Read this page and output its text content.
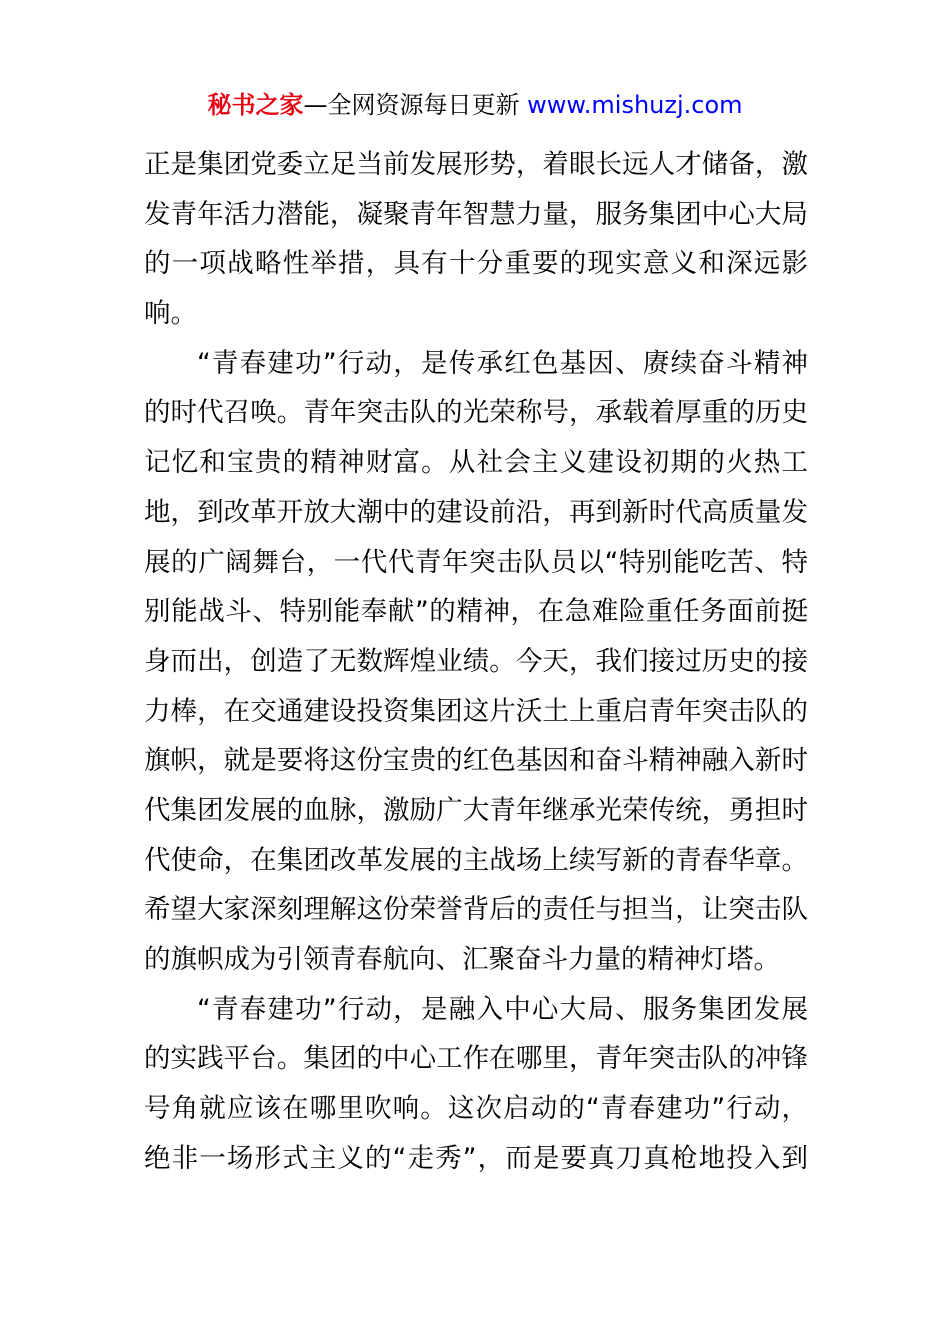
秘书之家—全网资源每日更新 www.mishuzj.com
正是集团党委立足当前发展形势，着眼长远人才储备，激
发青年活力潜能，凝聚青年智慧力量，服务集团中心大局
的一项战略性举措，具有十分重要的现实意义和深远影
响。
“青春建功”行动，是传承红色基因、赓续奋斗精神
的时代召唤。青年突击队的光荣称号，承载着厚重的历史
记忆和宝贵的精神财富。从社会主义建设初期的火热工
地，到改革开放大潮中的建设前沿，再到新时代高质量发
展的广阔舞台，一代代青年突击队员以“特别能吃苦、特
别能战斗、特别能奉献”的精神，在急难险重任务面前挺
身而出，创造了无数辉煌业绩。今天，我们接过历史的接
力棒，在交通建设投资集团这片沃土上重启青年突击队的
旗帜，就是要将这份宝贵的红色基因和奋斗精神融入新时
代集团发展的血脉，激励广大青年继承光荣传统，勇担时
代使命，在集团改革发展的主战场上续写新的青春华章。
希望大家深刻理解这份荣誉背后的责任与担当，让突击队
的旗帜成为引领青春航向、汇聚奋斗力量的精神灯塔。
“青春建功”行动，是融入中心大局、服务集团发展
的实践平台。集团的中心工作在哪里，青年突击队的冲锋
号角就应该在哪里吹响。这次启动的“青春建功”行动，
绝非一场形式主义的“走秀”，而是要真刀真枪地投入到
